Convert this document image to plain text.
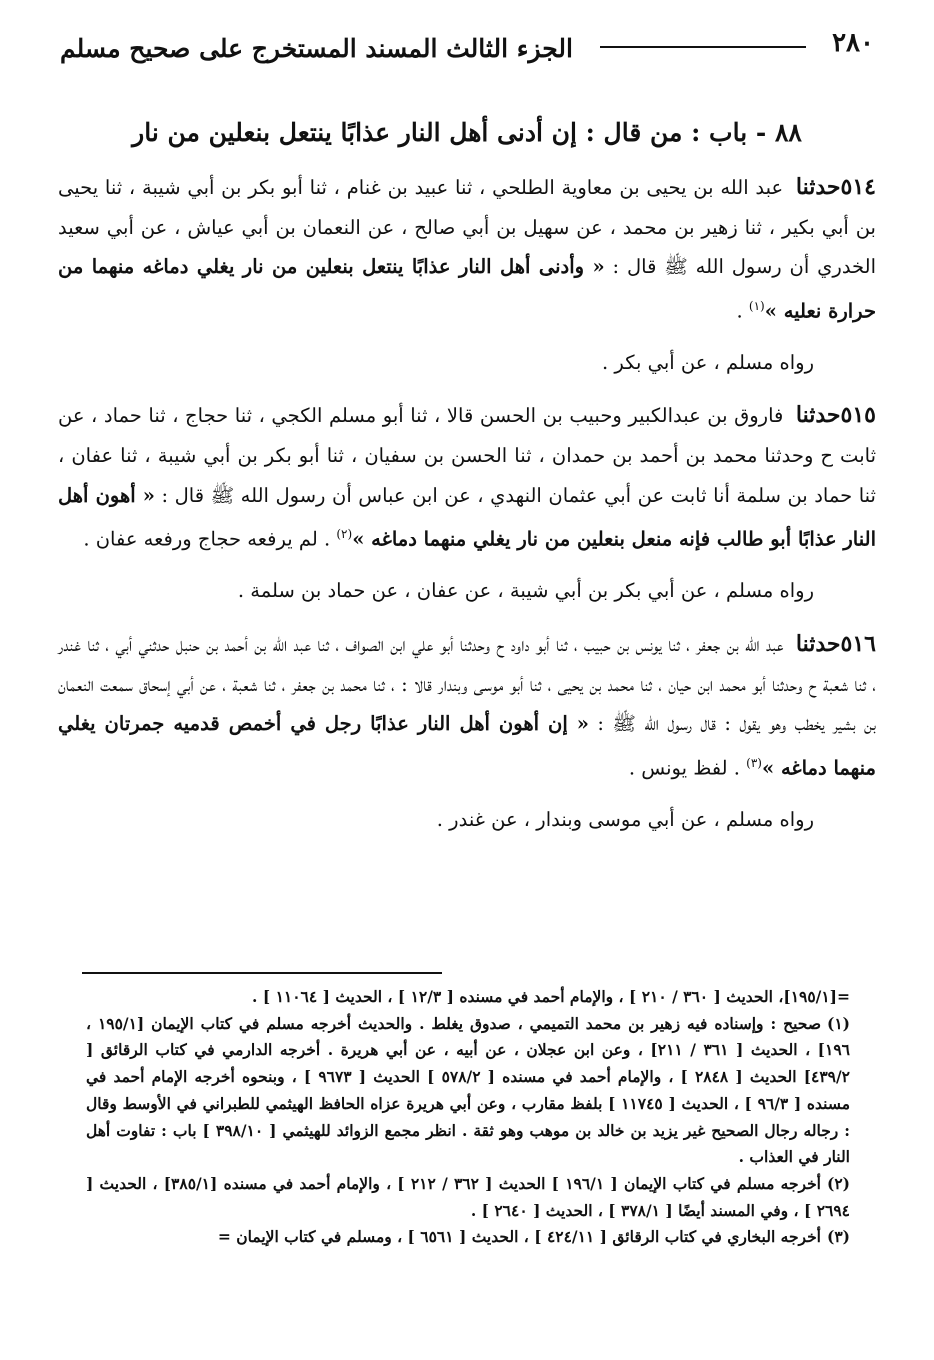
٢٨٠
الجزء الثالث المسند المستخرج على صحيح مسلم
٨٨ - باب : من قال : إن أدنى أهل النار عذابًا ينتعل بنعلين من نار

٥١٤حدثنا عبد الله بن يحيى بن معاوية الطلحي ، ثنا عبيد بن غنام ، ثنا أبو بكر بن أبي شيبة ، ثنا يحيى بن أبي بكير ، ثنا زهير بن محمد ، عن سهيل بن أبي صالح ، عن النعمان بن أبي عياش ، عن أبي سعيد الخدري أن رسول الله ﷺ قال : « وأدنى أهل النار عذابًا ينتعل بنعلين من نار يغلي دماغه منهما من حرارة نعليه »$^{(١)}$ .

رواه مسلم ، عن أبي بكر .

٥١٥حدثنا فاروق بن عبدالكبير وحبيب بن الحسن قالا ، ثنا أبو مسلم الكجي ، ثنا حجاج ، ثنا حماد ، عن ثابت ح وحدثنا محمد بن أحمد بن حمدان ، ثنا الحسن بن سفيان ، ثنا أبو بكر بن أبي شيبة ، ثنا عفان ، ثنا حماد بن سلمة أنا ثابت عن أبي عثمان النهدي ، عن ابن عباس أن رسول الله ﷺ قال : « أهون أهل النار عذابًا أبو طالب فإنه منعل بنعلين من نار يغلي منهما دماغه »$^{(٢)}$ . لم يرفعه حجاج ورفعه عفان .

رواه مسلم ، عن أبي بكر بن أبي شيبة ، عن عفان ، عن حماد بن سلمة .

٥١٦حدثنا عبد الله بن جعفر ، ثنا يونس بن حبيب ، ثنا أبو داود ح وحدثنا أبو علي ابن الصواف ، ثنا عبد الله بن أحمد بن حنبل حدثني أبي ، ثنا غندر ، ثنا شعبة ح وحدثنا أبو محمد ابن حيان ، ثنا محمد بن يحيى ، ثنا أبو موسى وبندار قالا : ، ثنا محمد بن جعفر ، ثنا شعبة ، عن أبي إسحاق سمعت النعمان بن بشير يخطب وهو يقول : قال رسول الله ﷺ : « إن أهون أهل النار عذابًا رجل في أخمص قدميه جمرتان يغلي منهما دماغه »$^{(٣)}$ . لفظ يونس .

رواه مسلم ، عن أبي موسى وبندار ، عن غندر .

=[١٩٥/١]، الحديث [ ٣٦٠ / ٢١٠ ] ، والإمام أحمد في مسنده [ ١٢/٣ ] ، الحديث [ ١١٠٦٤ ] .

(١)صحيح : وإسناده فيه زهير بن محمد التميمي ، صدوق يغلط . والحديث أخرجه مسلم في كتاب الإيمان [١٩٥/١ ، ١٩٦] ، الحديث [ ٣٦١ / ٢١١] ، وعن ابن عجلان ، عن أبيه ، عن أبي هريرة . أخرجه الدارمي في كتاب الرقائق [ ٤٣٩/٢] الحديث [ ٢٨٤٨ ] ، والإمام أحمد في مسنده [ ٥٧٨/٢ ] الحديث [ ٩٦٧٣ ] ، وبنحوه أخرجه الإمام أحمد في مسنده [ ٩٦/٣ ] ، الحديث [ ١١٧٤٥ ] بلفظ مقارب ، وعن أبي هريرة عزاه الحافظ الهيثمي للطبراني في الأوسط وقال : رجاله رجال الصحيح غير يزيد بن خالد بن موهب وهو ثقة . انظر مجمع الزوائد للهيثمي [ ٣٩٨/١٠ ] باب : تفاوت أهل النار في العذاب .

(٢)أخرجه مسلم في كتاب الإيمان [ ١٩٦/١ ] الحديث [ ٣٦٢ / ٢١٢ ] ، والإمام أحمد في مسنده [٣٨٥/١] ، الحديث [ ٢٦٩٤ ] ، وفي المسند أيضًا [ ٣٧٨/١ ] ، الحديث [ ٢٦٤٠ ] .

(٣)أخرجه البخاري في كتاب الرقائق [ ٤٢٤/١١ ] ، الحديث [ ٦٥٦١ ] ، ومسلم في كتاب الإيمان =
